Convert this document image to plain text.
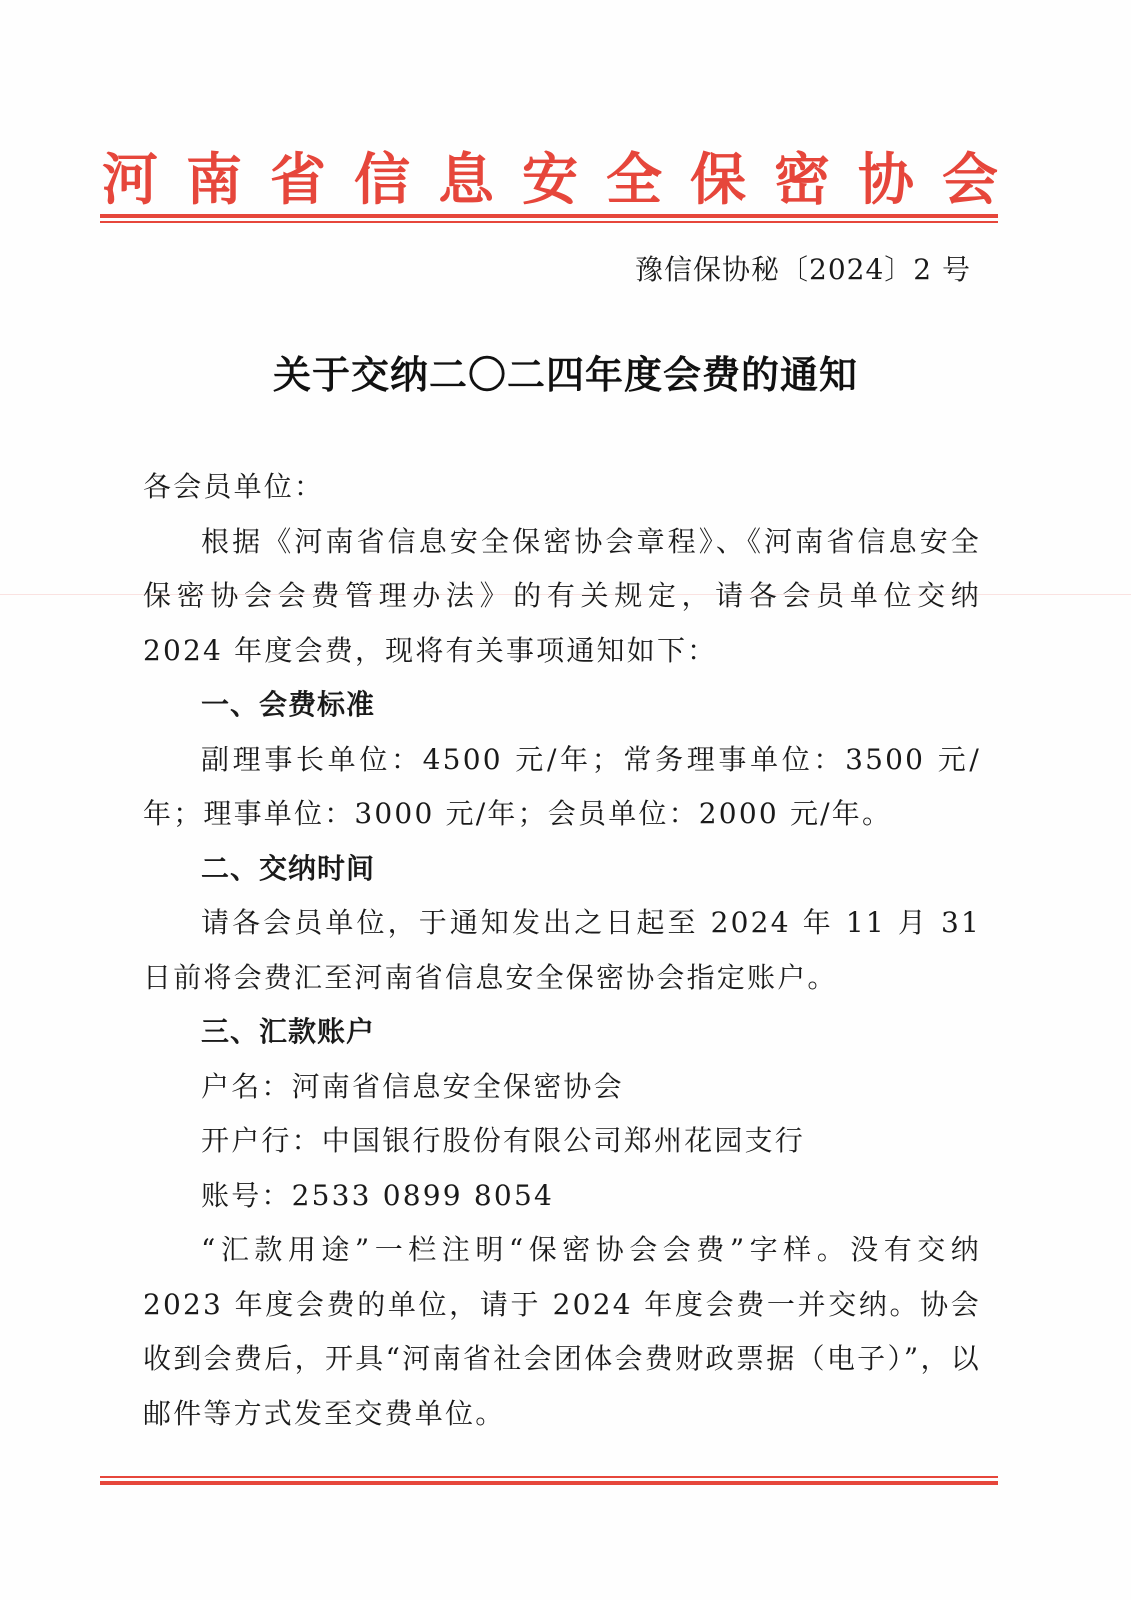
河 南 省 信 息 安 全 保 密 协 会
豫信保协秘〔2024〕2 号
关于交纳二〇二四年度会费的通知

各会员单位：

根据《河南省信息安全保密协会章程》、《河南省信息安全保密协会会费管理办法》的有关规定，请各会员单位交纳 2024 年度会费，现将有关事项通知如下：

一、会费标准

副理事长单位：4500 元/年；常务理事单位：3500 元/年；理事单位：3000 元/年；会员单位：2000 元/年。

二、交纳时间

请各会员单位，于通知发出之日起至 2024 年 11 月 31 日前将会费汇至河南省信息安全保密协会指定账户。

三、汇款账户

户名：河南省信息安全保密协会

开户行：中国银行股份有限公司郑州花园支行

账号：2533 0899 8054

“汇款用途”一栏注明“保密协会会费”字样。没有交纳 2023 年度会费的单位，请于 2024 年度会费一并交纳。协会收到会费后，开具“河南省社会团体会费财政票据（电子）”，以邮件等方式发至交费单位。
